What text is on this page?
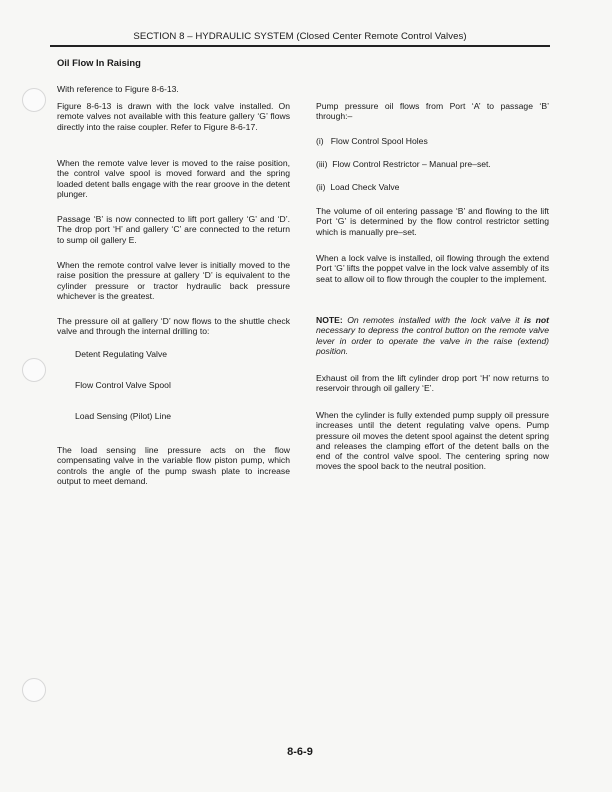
SECTION 8 – HYDRAULIC SYSTEM (Closed Center Remote Control Valves)
Oil Flow In Raising

With reference to Figure 8-6-13.

Figure 8-6-13 is drawn with the lock valve installed. On remote valves not available with this feature gallery ‘G’ flows directly into the raise coupler. Refer to Figure 8-6-17.

When the remote valve lever is moved to the raise position, the control valve spool is moved forward and the spring loaded detent balls engage with the rear groove in the detent plunger.

Passage ‘B’ is now connected to lift port gallery ‘G’ and ‘D’. The drop port ‘H’ and gallery ‘C’ are connected to the return to sump oil gallery E.

When the remote control valve lever is initially moved to the raise position the pressure at gallery ‘D’ is equivalent to the cylinder pressure or tractor hydraulic back pressure whichever is the greatest.

The pressure oil at gallery ‘D’ now flows to the shuttle check valve and through the internal drilling to:

Detent Regulating Valve

Flow Control Valve Spool

Load Sensing (Pilot) Line

The load sensing line pressure acts on the flow compensating valve in the variable flow piston pump, which controls the angle of the pump swash plate to increase output to meet demand.

Pump pressure oil flows from Port ‘A’ to passage ‘B’ through:–

(i)   Flow Control Spool Holes

(iii)  Flow Control Restrictor – Manual pre–set.

(ii)  Load Check Valve

The volume of oil entering passage ‘B’ and flowing to the lift Port ‘G’ is determined by the flow control restrictor setting which is manually pre–set.

When a lock valve is installed, oil flowing through the extend Port ‘G’ lifts the poppet valve in the lock valve assembly of its seat to allow oil to flow through the coupler to the implement.

NOTE: On remotes installed with the lock valve it is not necessary to depress the control button on the remote valve lever in order to operate the valve in the raise (extend) position.

Exhaust oil from the lift cylinder drop port ‘H’ now returns to reservoir through oil gallery ‘E’.

When the cylinder is fully extended pump supply oil pressure increases until the detent regulating valve opens. Pump pressure oil moves the detent spool against the detent spring and releases the clamping effort of the detent balls on the end of the control valve spool. The centering spring now moves the spool back to the neutral position.

8-6-9
